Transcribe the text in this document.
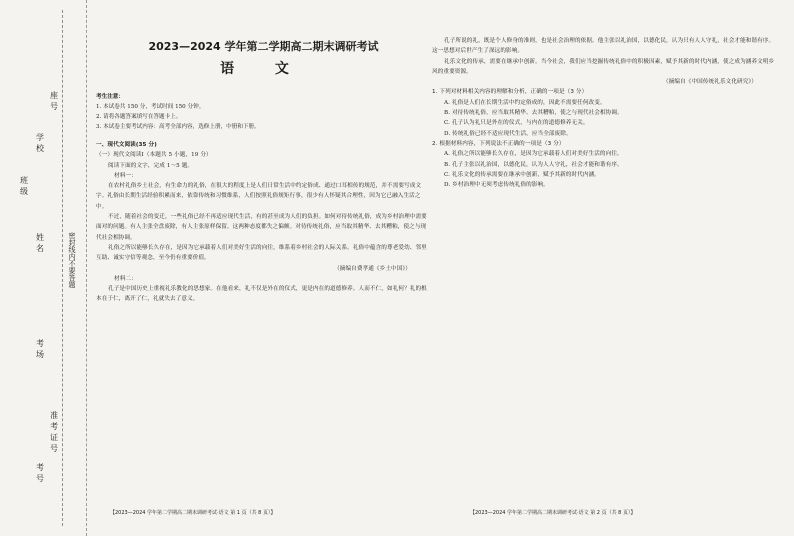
学校
班级
姓名
考场
考号
座号
准考证号
密封线内不要答题
2023—2024 学年第二学期高二期末调研考试
语 文
考生注意：
1. 本试卷共 150 分，考试时间 150 分钟。
2. 请将各题答案填写在答题卡上。
3. 本试卷主要考试内容：高考全部内容，选修上册，中册和下册。

一、现代文阅读(35 分)

（一）现代文阅读Ⅰ（本题共 5 小题，19 分）

阅读下面的文字，完成 1～5 题。

材料一：

在农村礼俗乡土社会，有生命力的礼俗，在很大的程度上是人们日常生活中约定俗成、通过口耳相传的规范，并不需要写成文字。礼俗由长期生活经验积累而来，依靠传统和习惯维系，人们按照礼俗规矩行事，很少有人怀疑其合理性，因为它已融入生活之中。

不过，随着社会的变迁，一些礼俗已经不再适应现代生活，有的甚至成为人们的负担。如何对待传统礼俗，成为乡村治理中需要面对的问题。有人主张全盘废除，有人主张原样保留，这两种态度都失之偏颇。对待传统礼俗，应当取其精华、去其糟粕，使之与现代社会相协调。

礼俗之所以能够长久存在，是因为它承载着人们对美好生活的向往，维系着乡村社会的人际关系。礼俗中蕴含的尊老爱幼、邻里互助、诚实守信等观念，至今仍有重要价值。

（摘编自费孝通《乡土中国》）

材料二：

孔子是中国历史上重视礼乐教化的思想家。在他看来，礼不仅是外在的仪式，更是内在的道德修养。人而不仁，如礼何？礼的根本在于仁，离开了仁，礼就失去了意义。

孔子所说的礼，既是个人修身的准则，也是社会治理的依据。他主张以礼治国，以德化民，认为只有人人守礼，社会才能和谐有序。这一思想对后世产生了深远的影响。

礼乐文化的传承，需要在继承中创新。当今社会，我们应当挖掘传统礼俗中的积极因素，赋予其新的时代内涵，使之成为涵养文明乡风的重要资源。

（摘编自《中国传统礼乐文化研究》）

1. 下列对材料相关内容的理解和分析，正确的一项是（3 分）

A. 礼俗是人们在长期生活中约定俗成的，因此不需要任何改变。

B. 对待传统礼俗，应当取其精华、去其糟粕，使之与现代社会相协调。

C. 孔子认为礼只是外在的仪式，与内在的道德修养无关。

D. 传统礼俗已经不适应现代生活，应当全部废除。

2. 根据材料内容，下列说法不正确的一项是（3 分）

A. 礼俗之所以能够长久存在，是因为它承载着人们对美好生活的向往。

B. 孔子主张以礼治国，以德化民，认为人人守礼，社会才能和谐有序。

C. 礼乐文化的传承需要在继承中创新，赋予其新的时代内涵。

D. 乡村治理中无须考虑传统礼俗的影响。

【2023—2024 学年第二学期高二期末调研考试·语文 第 1 页（共 8 页）】	【2023—2024 学年第二学期高二期末调研考试·语文 第 2 页（共 8 页）】
